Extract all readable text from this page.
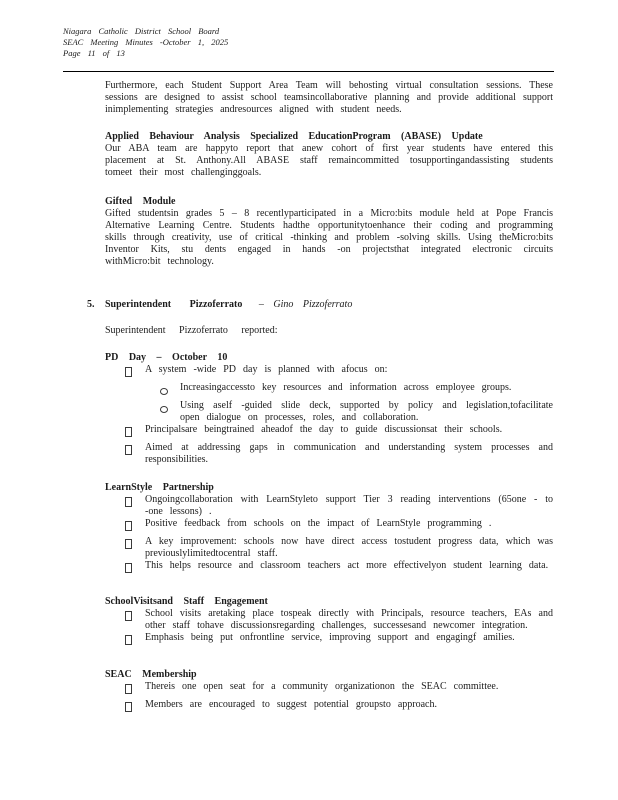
Niagara Catholic District School Board
SEAC Meeting Minutes -October 1, 2025
Page 11 of 13

Furthermore, each Student Support Area Team will behosting virtual consultation sessions. These sessions are designed to assist school teamsincollaborative planning and provide additional support inimplementing strategies andresources aligned with student needs.

Applied Behaviour Analysis Specialized EducationProgram (ABASE) Update

Our ABA team are happyto report that anew cohort of first year students have entered this placement at St. Anthony.All ABASE staff remaincommitted tosupportingandassisting students tomeet their most challenginggoals.

Gifted Module

Gifted studentsin grades 5 – 8 recentlyparticipated in a Micro:bits module held at Pope Francis Alternative Learning Centre. Students hadthe opportunitytoenhance their coding and programming skills through creativity, use of critical -thinking and problem -solving skills. Using theMicro:bits Inventor Kits, stu dents engaged in hands -on projectsthat integrated electronic circuits withMicro:bit technology.

5. Superintendent Pizzoferrato – Gino Pizzoferrato
Superintendent Pizzoferrato reported:

PD Day – October 10

A system -wide PD day is planned with afocus on:
Increasingaccessto key resources and information across employee groups.
Using aself -guided slide deck, supported by policy and legislation,tofacilitate open dialogue on processes, roles, and collaboration.
Principalsare beingtrained aheadof the day to guide discussionsat their schools.
Aimed at addressing gaps in communication and understanding system processes and responsibilities.

LearnStyle Partnership

Ongoingcollaboration with LearnStyleto support Tier 3 reading interventions (65one - to -one lessons) .
Positive feedback from schools on the impact of LearnStyle programming .
A key improvement: schools now have direct access tostudent progress data, which was previouslylimitedtocentral staff.
This helps resource and classroom teachers act more effectivelyon student learning data.

SchoolVisitsand Staff Engagement

School visits aretaking place tospeak directly with Principals, resource teachers, EAs and other staff tohave discussionsregarding challenges, successesand newcomer integration.
Emphasis being put onfrontline service, improving support and engagingf amilies.

SEAC Membership

Thereis one open seat for a community organizationon the SEAC committee.
Members are encouraged to suggest potential groupsto approach.
